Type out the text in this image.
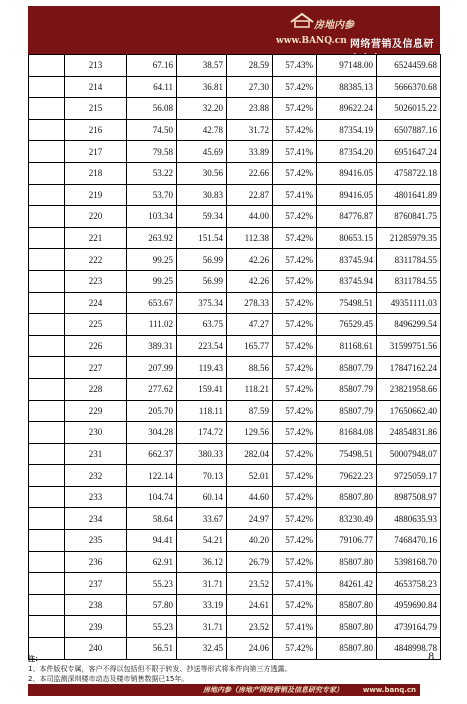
房地内参
www.BANQ.cn 网络营销及信息研
	213	67.16	38.57	28.59	57.43%	97148.00	6524459.68
	214	64.11	36.81	27.30	57.42%	88385.13	5666370.68
	215	56.08	32.20	23.88	57.42%	89622.24	5026015.22
	216	74.50	42.78	31.72	57.42%	87354.19	6507887.16
	217	79.58	45.69	33.89	57.41%	87354.20	6951647.24
	218	53.22	30.56	22.66	57.42%	89416.05	4758722.18
	219	53.70	30.83	22.87	57.41%	89416.05	4801641.89
	220	103.34	59.34	44.00	57.42%	84776.87	8760841.75
	221	263.92	151.54	112.38	57.42%	80653.15	21285979.35
	222	99.25	56.99	42.26	57.42%	83745.94	8311784.55
	223	99.25	56.99	42.26	57.42%	83745.94	8311784.55
	224	653.67	375.34	278.33	57.42%	75498.51	49351111.03
	225	111.02	63.75	47.27	57.42%	76529.45	8496299.54
	226	389.31	223.54	165.77	57.42%	81168.61	31599751.56
	227	207.99	119.43	88.56	57.42%	85807.79	17847162.24
	228	277.62	159.41	118.21	57.42%	85807.79	23821958.66
	229	205.70	118.11	87.59	57.42%	85807.79	17650662.40
	230	304.28	174.72	129.56	57.42%	81684.08	24854831.86
	231	662.37	380.33	282.04	57.42%	75498.51	50007948.07
	232	122.14	70.13	52.01	57.42%	79622.23	9725059.17
	233	104.74	60.14	44.60	57.42%	85807.80	8987508.97
	234	58.64	33.67	24.97	57.42%	83230.49	4880635.93
	235	94.41	54.21	40.20	57.42%	79106.77	7468470.16
	236	62.91	36.12	26.79	57.42%	85807.80	5398168.70
	237	55.23	31.71	23.52	57.41%	84261.42	4653758.23
	238	57.80	33.19	24.61	57.42%	85807.80	4959690.84
	239	55.23	31.71	23.52	57.41%	85807.80	4739164.79
	240	56.51	32.45	24.06	57.42%	85807.80	4848998.78
注：
1、本件版权专属，客户不得以包括但不限于转发、抄送等形式将本件向第三方透露。
2、本司监测深圳楼市动态及楼市销售数据已15年。
8
房地内参（房地产网络营销及信息研究专家）	www.banq.cn
